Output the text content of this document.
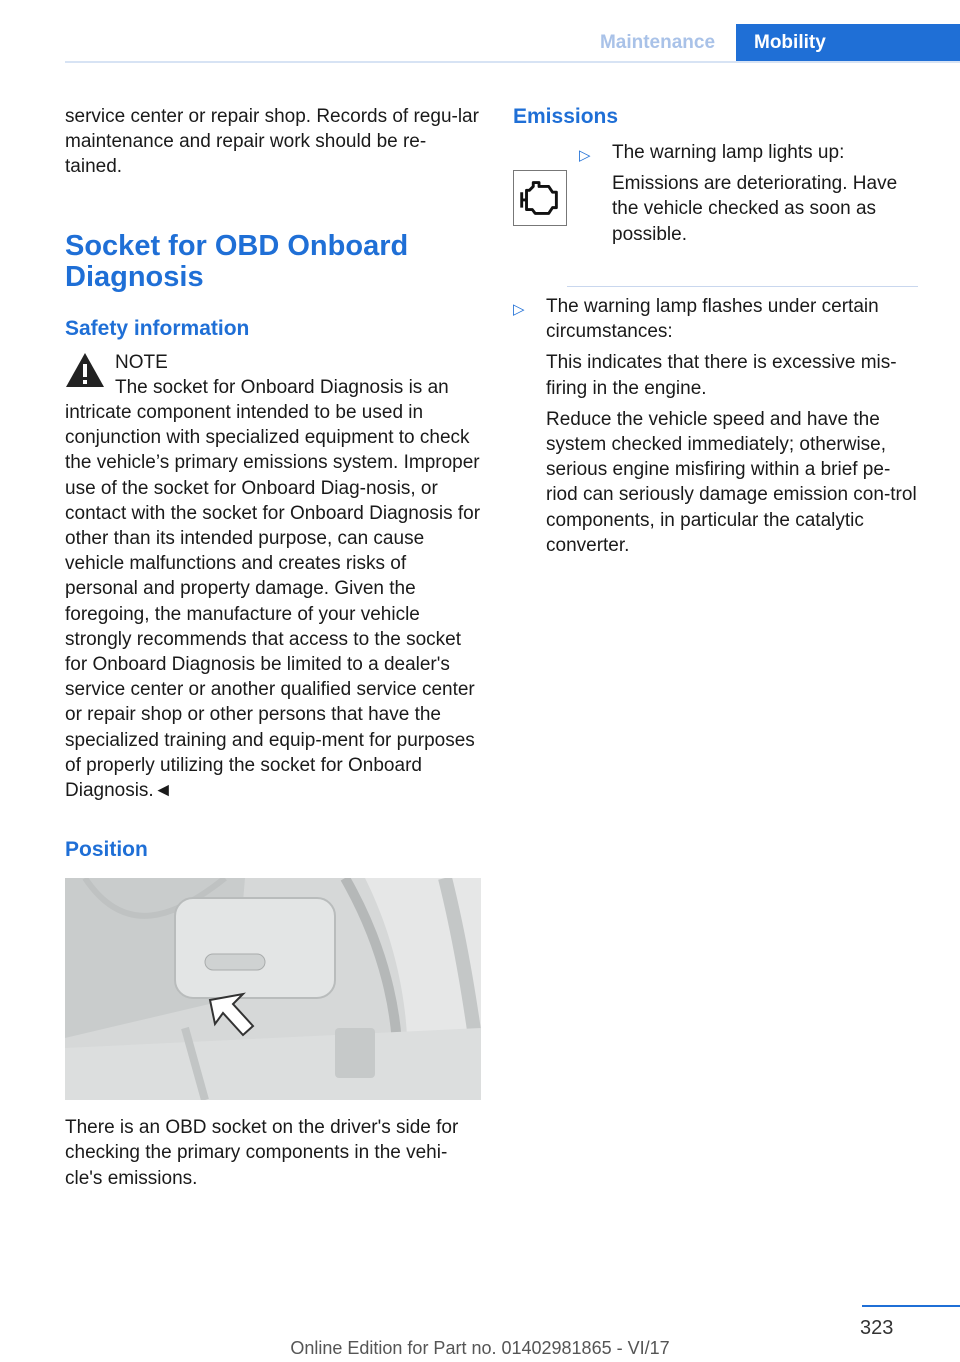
Maintenance	Mobility

service center or repair shop. Records of regu‐lar maintenance and repair work should be re‐tained.

Socket for OBD Onboard
Diagnosis
Safety information
NOTE
The socket for Onboard Diagnosis is an

intricate component intended to be used in conjunction with specialized equipment to check the vehicle’s primary emissions system. Improper use of the socket for Onboard Diag‐nosis, or contact with the socket for Onboard Diagnosis for other than its intended purpose, can cause vehicle malfunctions and creates risks of personal and property damage. Given the foregoing, the manufacture of your vehicle strongly recommends that access to the socket for Onboard Diagnosis be limited to a dealer's service center or another qualified service center or repair shop or other persons that have the specialized training and equip‐ment for purposes of properly utilizing the socket for Onboard Diagnosis.◄

Position

There is an OBD socket on the driver's side for checking the primary components in the vehi‐cle's emissions.

Emissions
▷ The warning lamp lights up:

Emissions are deteriorating. Have the vehicle checked as soon as possible.

▷ The warning lamp flashes under certain circumstances:

This indicates that there is excessive mis‐firing in the engine.

Reduce the vehicle speed and have the system checked immediately; otherwise, serious engine misfiring within a brief pe‐riod can seriously damage emission con‐trol components, in particular the catalytic converter.

323
Online Edition for Part no. 01402981865 - VI/17
